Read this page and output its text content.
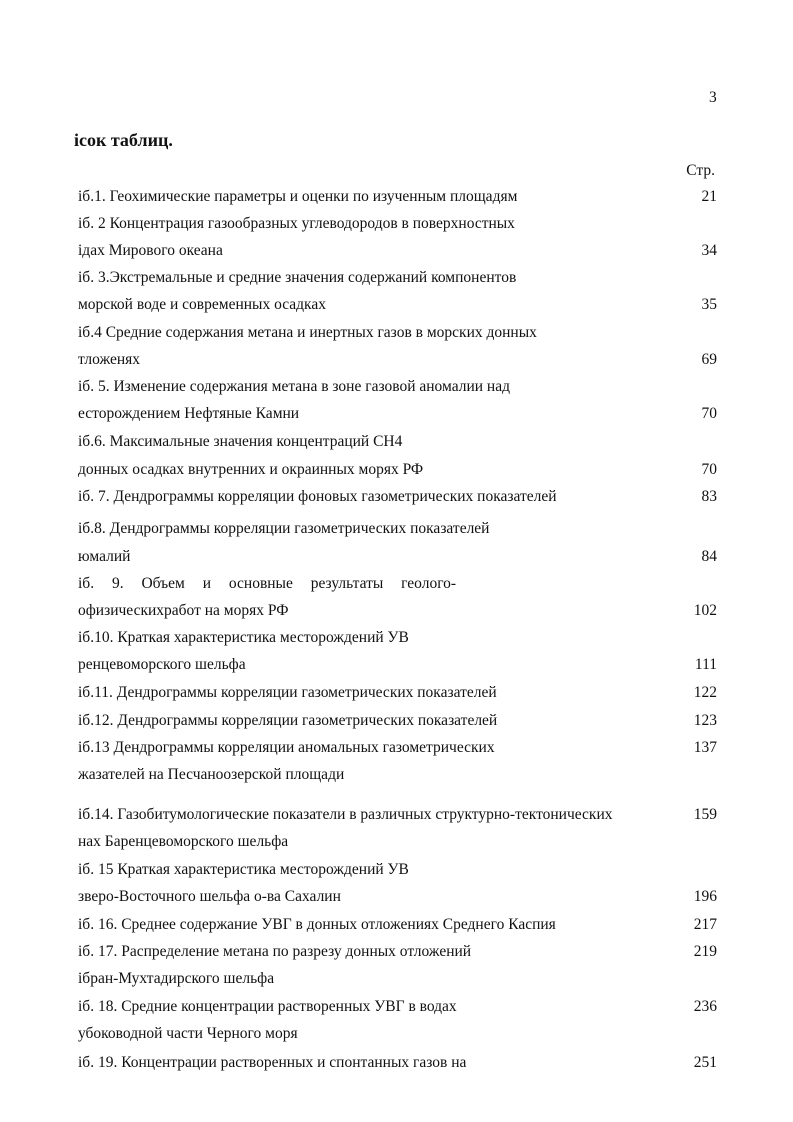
3
ісок таблиц.
Стр.
іб.1. Геохимические параметры и оценки по изученным площадям	21
іб. 2 Концентрация газообразных углеводородов в поверхностных
ідах Мирового океана	34
іб. 3.Экстремальные и средние значения содержаний компонентов
морской воде и современных осадках	35
іб.4 Средние содержания метана и инертных газов в морских донных
тложенях	69
іб. 5. Изменение содержания метана в зоне газовой аномалии над
есторождением Нефтяные Камни	70
іб.6. Максимальные значения концентраций CH4
донных осадках внутренних и окраинных морях РФ	70
іб. 7. Дендрограммы корреляции фоновых газометрических показателей	83
іб.8. Дендрограммы корреляции газометрических показателей
юмалий	84
іб. 9. Объем и основные результаты геолого-
офизическихработ на морях РФ	102
іб.10. Краткая характеристика месторождений УВ
ренцевоморского шельфа	111
іб.11. Дендрограммы корреляции газометрических показателей	122
іб.12. Дендрограммы корреляции газометрических показателей	123
іб.13 Дендрограммы корреляции аномальных газометрических	137
жазателей на Песчаноозерской площади
іб.14. Газобитумологические показатели в различных структурно-тектонических	159
нах Баренцевоморского шельфа
іб. 15 Краткая характеристика месторождений УВ
зверо-Восточного шельфа о-ва Сахалин	196
іб. 16. Среднее содержание УВГ в донных отложениях Среднего Каспия	217
іб. 17. Распределение метана по разрезу донных отложений	219
ібран-Мухтадирского шельфа
іб. 18. Средние концентрации растворенных УВГ в водах	236
убоководной части Черного моря
іб. 19. Концентрации растворенных и спонтанных газов на	251
